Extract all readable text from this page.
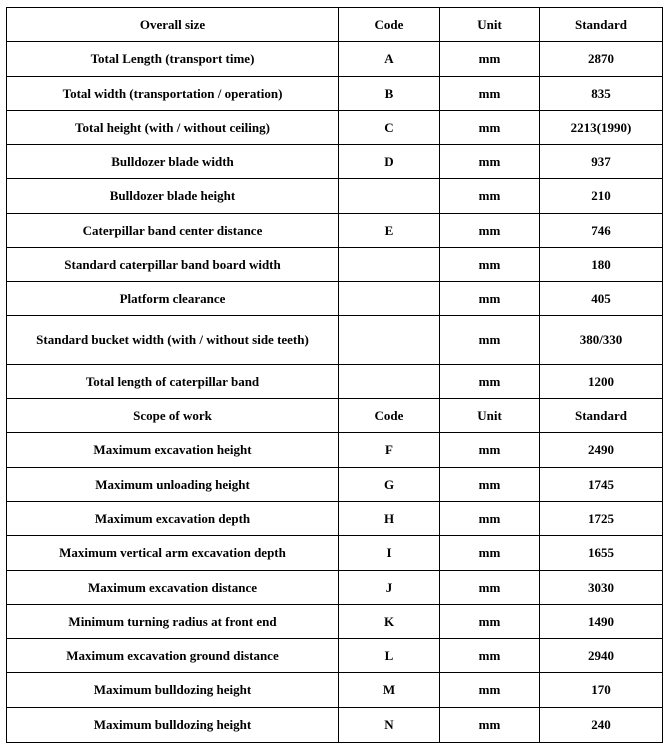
Overall size	Code	Unit	Standard
Total Length (transport time)	A	mm	2870
Total width (transportation / operation)	B	mm	835
Total height (with / without ceiling)	C	mm	2213(1990)
Bulldozer blade width	D	mm	937
Bulldozer blade height		mm	210
Caterpillar band center distance	E	mm	746
Standard caterpillar band board width		mm	180
Platform clearance		mm	405
Standard bucket width (with / without side teeth)		mm	380/330
Total length of caterpillar band		mm	1200
Scope of work	Code	Unit	Standard
Maximum excavation height	F	mm	2490
Maximum unloading height	G	mm	1745
Maximum excavation depth	H	mm	1725
Maximum vertical arm excavation depth	I	mm	1655
Maximum excavation distance	J	mm	3030
Minimum turning radius at front end	K	mm	1490
Maximum excavation ground distance	L	mm	2940
Maximum bulldozing height	M	mm	170
Maximum bulldozing height	N	mm	240
